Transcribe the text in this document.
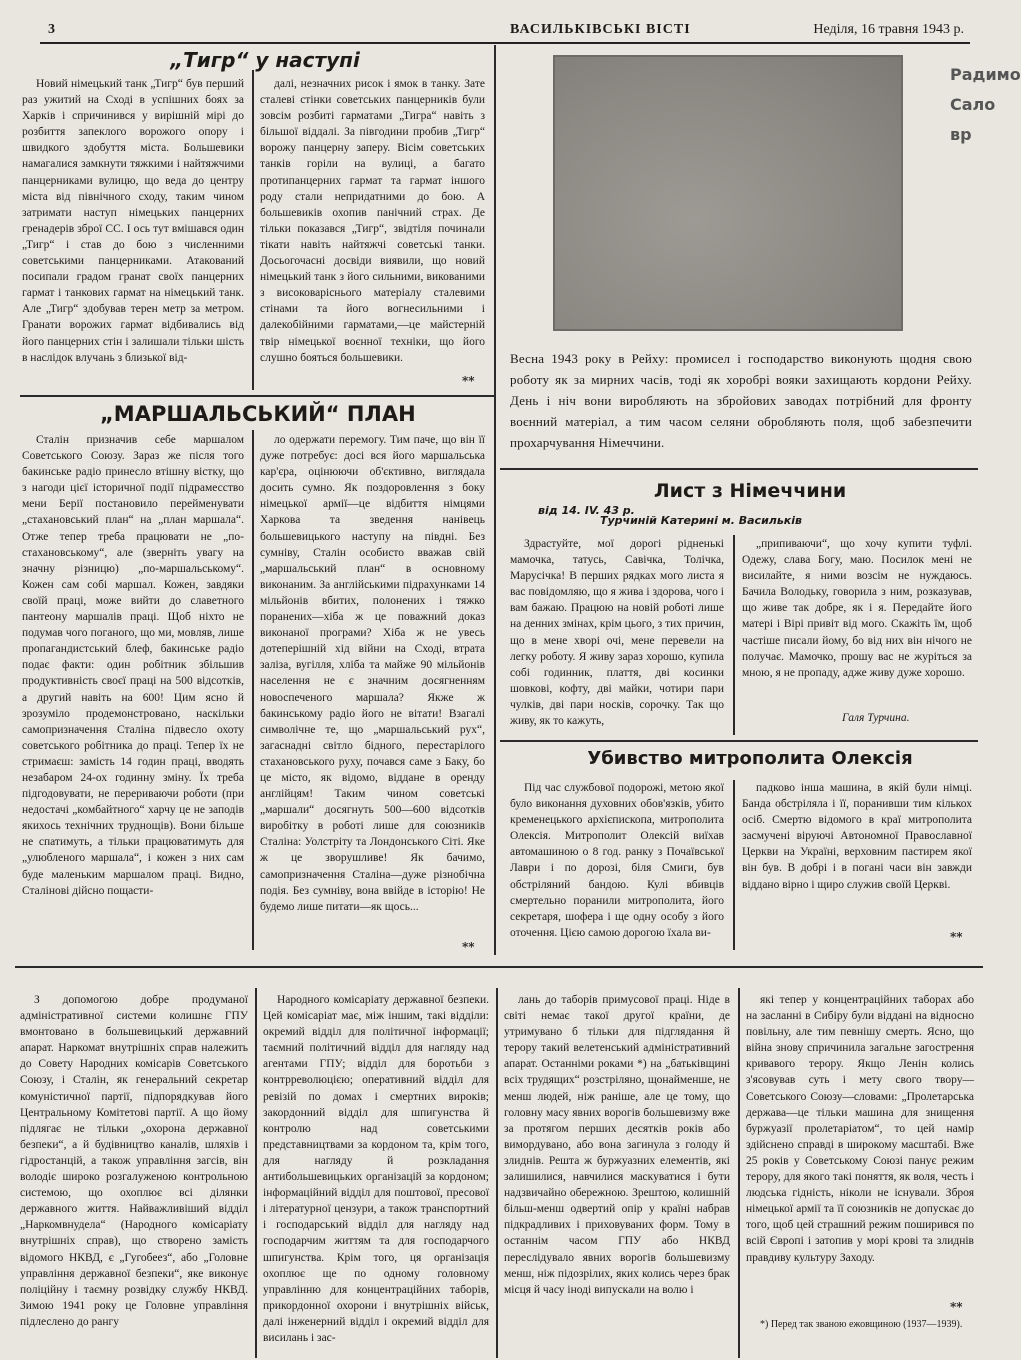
3	ВАСИЛЬКІВСЬКІ ВІСТІ	Неділя, 16 травня 1943 р.
„Тигр“ у наступі

Новий німецький танк „Тигр“ був перший раз ужитий на Сході в успішних боях за Харків і спричинився у вирішній мірі до розбиття запеклого ворожого опору і швидкого здобуття міста. Большевики намагалися замкнути тяжкими і найтяжчими панцерниками вулицю, що веда до центру міста від північного сходу, таким чином затримати наступ німецьких панцерних гренадерів зброї СС. І ось тут вмішався один „Тигр“ і став до бою з численними советськими панцерниками. Атакований посипали градом гранат своїх панцерних гармат і танкових гармат на німецький танк. Але „Тигр“ здобував терен метр за метром. Гранати ворожих гармат відбивались від його панцерних стін і залишали тільки шість в наслідок влучань з близької від-

далі, незначних рисок і ямок в танку. Зате сталеві стінки советських панцерників були зовсім розбиті гарматами „Тигра“ навіть з більшої віддалі. За півгодини пробив „Тигр“ ворожу панцерну заперу. Вісім советських танків горіли на вулиці, а багато протипанцерних гармат та гармат іншого роду стали непридатними до бою. А большевиків охопив панічний страх. Де тільки показався „Тигр“, звідтіля починали тікати навіть найтяжчі советські танки. Досьогочасні досвіди виявили, що новий німецький танк з його сильними, викованими з високоваріснього матеріалу сталевими стінами та його вогнесильними і далекобійними гарматами,—це майстерній твір німецької воєнної техніки, що його слушно бояться большевики.

**
„МАРШАЛЬСЬКИЙ“ ПЛАН

Сталін призначив себе маршалом Советського Союзу. Зараз же після того бакинське радіо принесло втішну вістку, що з нагоди цієї історичної події підрамесство мени Берії постановило перейменувати „стахановський план“ на „план маршала“. Отже тепер треба працювати не „по-стахановському“, але (зверніть увагу на значну різницю) „по-маршальському“. Кожен сам собі маршал. Кожен, завдяки своїй праці, може вийти до славетного пантеону маршалів праці. Щоб ніхто не подумав чого поганого, що ми, мовляв, лише пропагандистський блеф, бакинське радіо подає факти: один робітник збільшив продуктивність своєї праці на 500 відсотків, а другий навіть на 600! Цим ясно й зрозуміло продемонстровано, наскільки самопризначення Сталіна підвесло охоту советського робітника до праці. Тепер їх не стримаєш: замість 14 годин праці, вводять незабаром 24-ох годинну зміну. Їх треба підгодовувати, не перериваючи роботи (при недостачі „комбайтного“ харчу це не заподів якихось технічних труднощів). Вони більше не спатимуть, а тільки працюватимуть для „улюбленого маршала“, і кожен з них сам буде маленьким маршалом праці. Видно, Сталінові дійсно пощасти-

ло одержати перемогу. Тим паче, що він її дуже потребує: досі вся його маршальська кар'єра, оцінюючи об'єктивно, виглядала досить сумно. Як поздоровлення з боку німецької армії—це відбиття німцями Харкова та зведення нанівець большевицького наступу на півдні. Без сумніву, Сталін особисто вважав свій „маршальський план“ в основному виконаним. За англійськими підрахунками 14 мільйонів вбитих, полонених і тяжко поранених—хіба ж це поважний доказ виконаної програми? Хіба ж не увесь дотеперішній хід війни на Сході, втрата заліза, вугілля, хліба та майже 90 мільйонів населення не є значним досягненням новоспеченого маршала? Якже ж бакинському радіо його не вітати! Взагалі символічне те, що „маршальський рух“, загаснадні світло бідного, перестарілого стахановського руху, почався саме з Баку, бо це місто, як відомо, віддане в оренду англійцям! Таким чином советські „маршали“ досягнуть 500—600 відсотків виробітку в роботі лише для союзників Сталіна: Уолстріту та Лондонського Сіті. Яке ж це зворушливе! Як бачимо, самопризначення Сталіна—дуже різнобічна подія. Без сумніву, вона ввійде в історію! Не будемо лише питати—як щось...

**
Весна 1943 року в Рейху: промисел і господарство виконують щодня свою роботу як за мирних часів, тоді як хоробрі вояки захищають кордони Рейху. День і ніч вони виробляють на збройових заводах потрібний для фронту воєнний матеріал, а тим часом селяни обробляють поля, щоб забезпечити прохарчування Німеччини.
Лист з Німеччини
від 14. IV. 43 р.
Турчиній Катерині м. Васильків

Здрастуйте, мої дорогі рідненькі мамочка, татусь, Савічка, Толічка, Марусічка! В перших рядках мого листа я вас повідомляю, що я жива і здорова, чого і вам бажаю. Працюю на новій роботі лише на денних змінах, крім цього, з тих причин, що в мене хворі очі, мене перевели на легку роботу. Я живу зараз хорошо, купила собі годинник, плаття, дві косинки шовкові, кофту, дві майки, чотири пари чулків, дві пари носків, сорочку. Так що живу, як то кажуть,

„припиваючи“, що хочу купити туфлі. Одежу, слава Богу, маю. Посилок мені не висилайте, я ними возсім не нуждаюсь. Бачила Володьку, говорила з ним, розказував, що живе так добре, як і я. Передайте його матері і Вірі привіт від мого. Скажіть їм, щоб частіше писали йому, бо від них він нічого не получає. Мамочко, прошу вас не журіться за мною, я не пропаду, адже живу дуже хорошо.

Галя Турчина.
Убивство митрополита Олексія

Під час службової подорожі, метою якої було виконання духовних обов'язків, убито кременецького архієпископа, митрополита Олексія. Митрополит Олексій виїхав автомашиною о 8 год. ранку з Почаївської Лаври і по дорозі, біля Смиги, був обстріляний бандою. Кулі вбивців смертельно поранили митрополита, його секретаря, шофера і ще одну особу з його оточення. Цією самою дорогою їхала ви-

падково інша машина, в якій були німці. Банда обстріляла і її, поранивши тим кількох осіб. Смертю відомого в краї митрополита засмучені віруючі Автономної Православної Церкви на Україні, верховним пастирем якої він був. В добрі і в погані часи він завжди віддано вірно і щиро служив своїй Церкві.

**

З допомогою добре продуманої адміністративної системи колишнє ГПУ вмонтовано в большевицький державний апарат. Наркомат внутрішніх справ належить до Совету Народних комісарів Советського Союзу, і Сталін, як генеральний секретар комуністичної партії, підпорядкував його Центральному Комітетові партії. А що йому підлягає не тільки „охорона державної безпеки“, а й будівництво каналів, шляхів і гідростанцій, а також управління загсів, він володіє широко розгалуженою контрольною системою, що охоплює всі ділянки державного життя. Найважливіший відділ „Наркомвнудела“ (Народного комісаріату внутрішніх справ), що створено замість відомого НКВД, є „Гугобеез“, або „Головне управління державної безпеки“, яке виконує поліційну і таємну розвідку службу НКВД. Зимою 1941 року це Головне управління підлеслено до рангу

Народного комісаріату державної безпеки. Цей комісаріат має, між іншим, такі відділи: окремий відділ для політичної інформації; таємний політичний відділ для нагляду над агентами ГПУ; відділ для боротьби з контрреволюцією; оперативний відділ для ревізій по домах і смертних вироків; закордонний відділ для шпигунства й контролю над советськими представництвами за кордоном та, крім того, для нагляду й розкладання антибольшевицьких організацій за кордоном; інформаційний відділ для поштової, пресової і літературної цензури, а також транспортний і господарський відділ для нагляду над господарчим життям та для господарчого шпигунства. Крім того, ця організація охоплює ще по одному головному управлінню для концентраційних таборів, прикордонної охорони і внутрішніх військ, далі інженерний відділ і окремий відділ для висилань і зас-

лань до таборів примусової праці. Ніде в світі немає такої другої країни, де утримувано б тільки для підглядання й терору такий велетенський адміністративний апарат. Останніми роками *) на „батьківщині всіх трудящих“ розстріляно, щонайменше, не менш людей, ніж раніше, але це тому, що головну масу явних ворогів большевизму вже за протягом перших десятків років або вимордувано, або вона загинула з голоду й злиднів. Решта ж буржуазних елементів, які залишилися, навчилися маскуватися і бути надзвичайно обережною. Зрештою, колишній більш-менш одвертий опір у країні набрав підкрадливих і приховуваних форм. Тому в останнім часом ГПУ або НКВД переслідувало явних ворогів большевизму менш, ніж підозрілих, яких колись через брак місця й часу іноді випускали на волю і

які тепер у концентраційних таборах або на засланні в Сибіру були віддані на відносно повільну, але тим певнішу смерть. Ясно, що війна знову спричинила загальне загострення кривавого терору. Якщо Ленін колись з'ясовував суть і мету свого твору—Советського Союзу—словами: „Пролетарська держава—це тільки машина для знищення буржуазії пролетаріатом“, то цей намір здійснено справді в широкому масштабі. Вже 25 років у Советському Союзі панує режим терору, для якого такі поняття, як воля, честь і людська гідність, ніколи не існували. Зброя німецької армії та її союзників не допускає до того, щоб цей страшний режим поширився по всій Європі і затопив у морі крові та злиднів правдиву культуру Заходу.

**
*) Перед так званою ежовщиною (1937—1939).
Радимо Сало вр
